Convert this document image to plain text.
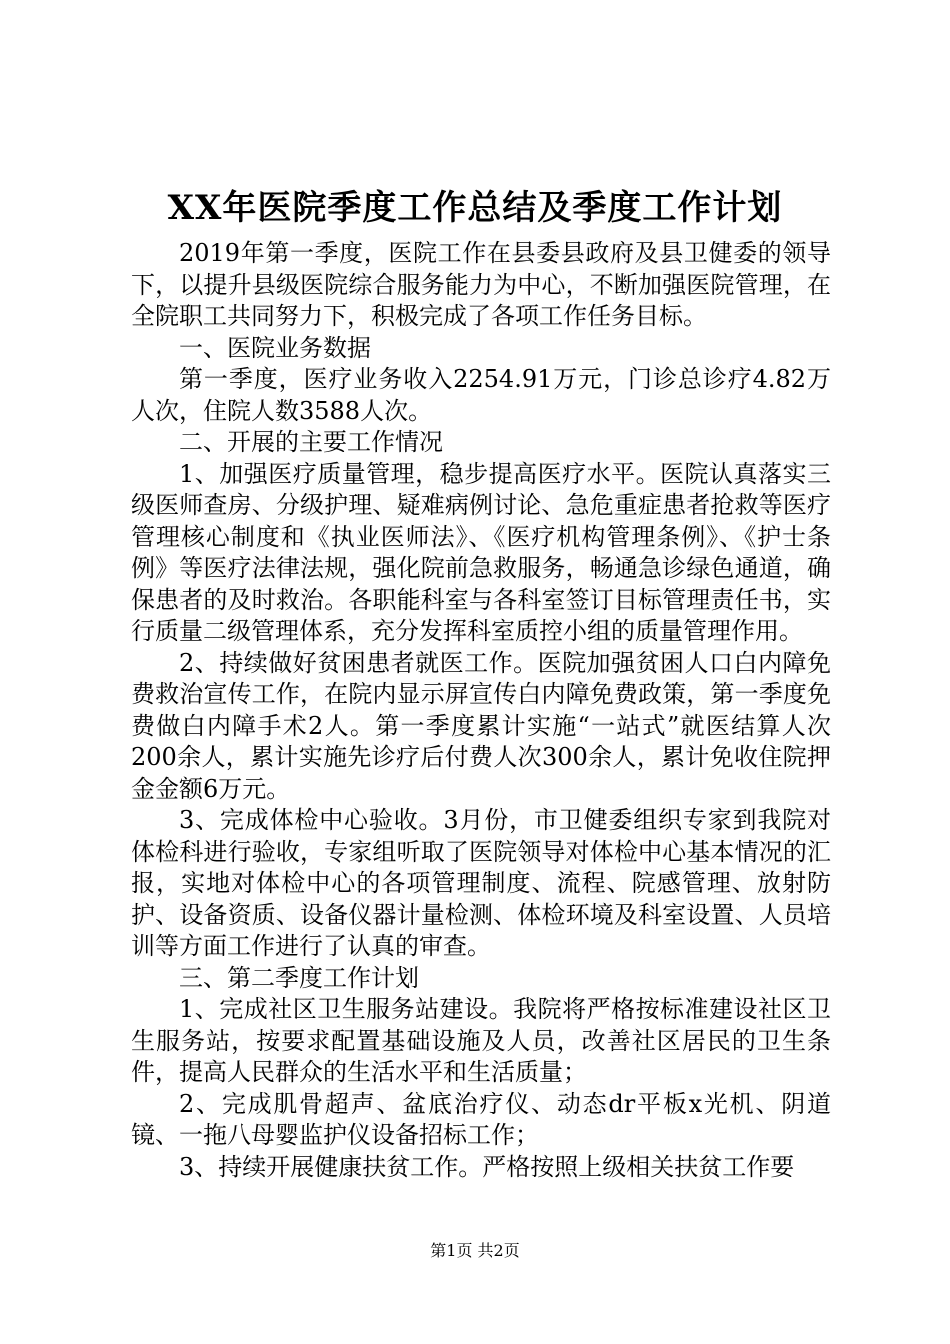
XX年医院季度工作总结及季度工作计划

2019年第一季度，医院工作在县委县政府及县卫健委的领导下，以提升县级医院综合服务能力为中心，不断加强医院管理，在全院职工共同努力下，积极完成了各项工作任务目标。

一、医院业务数据

第一季度，医疗业务收入2254.91万元，门诊总诊疗4.82万人次，住院人数3588人次。

二、开展的主要工作情况

1、加强医疗质量管理，稳步提高医疗水平。医院认真落实三级医师查房、分级护理、疑难病例讨论、急危重症患者抢救等医疗管理核心制度和《执业医师法》、《医疗机构管理条例》、《护士条例》等医疗法律法规，强化院前急救服务，畅通急诊绿色通道，确保患者的及时救治。各职能科室与各科室签订目标管理责任书，实行质量二级管理体系，充分发挥科室质控小组的质量管理作用。

2、持续做好贫困患者就医工作。医院加强贫困人口白内障免费救治宣传工作，在院内显示屏宣传白内障免费政策，第一季度免费做白内障手术2人。第一季度累计实施“一站式”就医结算人次200余人，累计实施先诊疗后付费人次300余人，累计免收住院押金金额6万元。

3、完成体检中心验收。3月份，市卫健委组织专家到我院对体检科进行验收，专家组听取了医院领导对体检中心基本情况的汇报，实地对体检中心的各项管理制度、流程、院感管理、放射防护、设备资质、设备仪器计量检测、体检环境及科室设置、人员培训等方面工作进行了认真的审查。

三、第二季度工作计划

1、完成社区卫生服务站建设。我院将严格按标准建设社区卫生服务站，按要求配置基础设施及人员，改善社区居民的卫生条件，提高人民群众的生活水平和生活质量；

2、完成肌骨超声、盆底治疗仪、动态dr平板x光机、阴道镜、一拖八母婴监护仪设备招标工作；

3、持续开展健康扶贫工作。严格按照上级相关扶贫工作要

第1页 共2页
